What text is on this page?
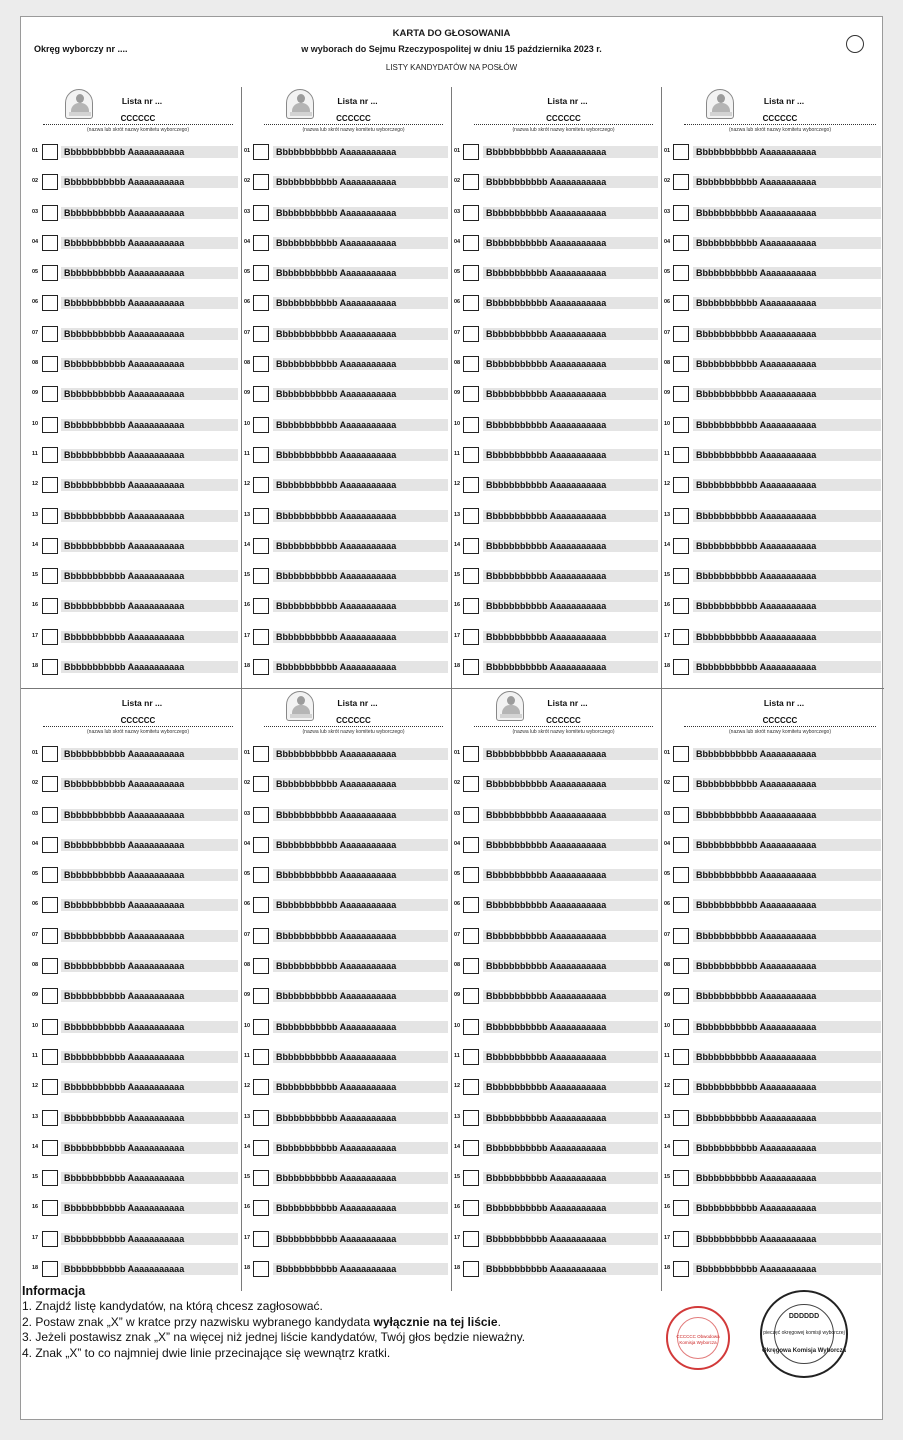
KARTA DO GŁOSOWANIA
w wyborach do Sejmu Rzeczypospolitej w dniu 15 października 2023 r.
LISTY KANDYDATÓW NA POSŁÓW
Okręg wyborczy nr ....
Lista nr ...
CCCCCC
(nazwa lub skrót nazwy komitetu wyborczego)
01	Bbbbbbbbbbb Aaaaaaaaaaa
02	Bbbbbbbbbbb Aaaaaaaaaaa
03	Bbbbbbbbbbb Aaaaaaaaaaa
04	Bbbbbbbbbbb Aaaaaaaaaaa
05	Bbbbbbbbbbb Aaaaaaaaaaa
06	Bbbbbbbbbbb Aaaaaaaaaaa
07	Bbbbbbbbbbb Aaaaaaaaaaa
08	Bbbbbbbbbbb Aaaaaaaaaaa
09	Bbbbbbbbbbb Aaaaaaaaaaa
10	Bbbbbbbbbbb Aaaaaaaaaaa
11	Bbbbbbbbbbb Aaaaaaaaaaa
12	Bbbbbbbbbbb Aaaaaaaaaaa
13	Bbbbbbbbbbb Aaaaaaaaaaa
14	Bbbbbbbbbbb Aaaaaaaaaaa
15	Bbbbbbbbbbb Aaaaaaaaaaa
16	Bbbbbbbbbbb Aaaaaaaaaaa
17	Bbbbbbbbbbb Aaaaaaaaaaa
18	Bbbbbbbbbbb Aaaaaaaaaaa
Lista nr ...
CCCCCC
(nazwa lub skrót nazwy komitetu wyborczego)
01	Bbbbbbbbbbb Aaaaaaaaaaa
02	Bbbbbbbbbbb Aaaaaaaaaaa
03	Bbbbbbbbbbb Aaaaaaaaaaa
04	Bbbbbbbbbbb Aaaaaaaaaaa
05	Bbbbbbbbbbb Aaaaaaaaaaa
06	Bbbbbbbbbbb Aaaaaaaaaaa
07	Bbbbbbbbbbb Aaaaaaaaaaa
08	Bbbbbbbbbbb Aaaaaaaaaaa
09	Bbbbbbbbbbb Aaaaaaaaaaa
10	Bbbbbbbbbbb Aaaaaaaaaaa
11	Bbbbbbbbbbb Aaaaaaaaaaa
12	Bbbbbbbbbbb Aaaaaaaaaaa
13	Bbbbbbbbbbb Aaaaaaaaaaa
14	Bbbbbbbbbbb Aaaaaaaaaaa
15	Bbbbbbbbbbb Aaaaaaaaaaa
16	Bbbbbbbbbbb Aaaaaaaaaaa
17	Bbbbbbbbbbb Aaaaaaaaaaa
18	Bbbbbbbbbbb Aaaaaaaaaaa
Lista nr ...
CCCCCC
(nazwa lub skrót nazwy komitetu wyborczego)
01	Bbbbbbbbbbb Aaaaaaaaaaa
02	Bbbbbbbbbbb Aaaaaaaaaaa
03	Bbbbbbbbbbb Aaaaaaaaaaa
04	Bbbbbbbbbbb Aaaaaaaaaaa
05	Bbbbbbbbbbb Aaaaaaaaaaa
06	Bbbbbbbbbbb Aaaaaaaaaaa
07	Bbbbbbbbbbb Aaaaaaaaaaa
08	Bbbbbbbbbbb Aaaaaaaaaaa
09	Bbbbbbbbbbb Aaaaaaaaaaa
10	Bbbbbbbbbbb Aaaaaaaaaaa
11	Bbbbbbbbbbb Aaaaaaaaaaa
12	Bbbbbbbbbbb Aaaaaaaaaaa
13	Bbbbbbbbbbb Aaaaaaaaaaa
14	Bbbbbbbbbbb Aaaaaaaaaaa
15	Bbbbbbbbbbb Aaaaaaaaaaa
16	Bbbbbbbbbbb Aaaaaaaaaaa
17	Bbbbbbbbbbb Aaaaaaaaaaa
18	Bbbbbbbbbbb Aaaaaaaaaaa
Lista nr ...
CCCCCC
(nazwa lub skrót nazwy komitetu wyborczego)
01	Bbbbbbbbbbb Aaaaaaaaaaa
02	Bbbbbbbbbbb Aaaaaaaaaaa
03	Bbbbbbbbbbb Aaaaaaaaaaa
04	Bbbbbbbbbbb Aaaaaaaaaaa
05	Bbbbbbbbbbb Aaaaaaaaaaa
06	Bbbbbbbbbbb Aaaaaaaaaaa
07	Bbbbbbbbbbb Aaaaaaaaaaa
08	Bbbbbbbbbbb Aaaaaaaaaaa
09	Bbbbbbbbbbb Aaaaaaaaaaa
10	Bbbbbbbbbbb Aaaaaaaaaaa
11	Bbbbbbbbbbb Aaaaaaaaaaa
12	Bbbbbbbbbbb Aaaaaaaaaaa
13	Bbbbbbbbbbb Aaaaaaaaaaa
14	Bbbbbbbbbbb Aaaaaaaaaaa
15	Bbbbbbbbbbb Aaaaaaaaaaa
16	Bbbbbbbbbbb Aaaaaaaaaaa
17	Bbbbbbbbbbb Aaaaaaaaaaa
18	Bbbbbbbbbbb Aaaaaaaaaaa
Lista nr ...
CCCCCC
(nazwa lub skrót nazwy komitetu wyborczego)
01	Bbbbbbbbbbb Aaaaaaaaaaa
02	Bbbbbbbbbbb Aaaaaaaaaaa
03	Bbbbbbbbbbb Aaaaaaaaaaa
04	Bbbbbbbbbbb Aaaaaaaaaaa
05	Bbbbbbbbbbb Aaaaaaaaaaa
06	Bbbbbbbbbbb Aaaaaaaaaaa
07	Bbbbbbbbbbb Aaaaaaaaaaa
08	Bbbbbbbbbbb Aaaaaaaaaaa
09	Bbbbbbbbbbb Aaaaaaaaaaa
10	Bbbbbbbbbbb Aaaaaaaaaaa
11	Bbbbbbbbbbb Aaaaaaaaaaa
12	Bbbbbbbbbbb Aaaaaaaaaaa
13	Bbbbbbbbbbb Aaaaaaaaaaa
14	Bbbbbbbbbbb Aaaaaaaaaaa
15	Bbbbbbbbbbb Aaaaaaaaaaa
16	Bbbbbbbbbbb Aaaaaaaaaaa
17	Bbbbbbbbbbb Aaaaaaaaaaa
18	Bbbbbbbbbbb Aaaaaaaaaaa
Lista nr ...
CCCCCC
(nazwa lub skrót nazwy komitetu wyborczego)
01	Bbbbbbbbbbb Aaaaaaaaaaa
02	Bbbbbbbbbbb Aaaaaaaaaaa
03	Bbbbbbbbbbb Aaaaaaaaaaa
04	Bbbbbbbbbbb Aaaaaaaaaaa
05	Bbbbbbbbbbb Aaaaaaaaaaa
06	Bbbbbbbbbbb Aaaaaaaaaaa
07	Bbbbbbbbbbb Aaaaaaaaaaa
08	Bbbbbbbbbbb Aaaaaaaaaaa
09	Bbbbbbbbbbb Aaaaaaaaaaa
10	Bbbbbbbbbbb Aaaaaaaaaaa
11	Bbbbbbbbbbb Aaaaaaaaaaa
12	Bbbbbbbbbbb Aaaaaaaaaaa
13	Bbbbbbbbbbb Aaaaaaaaaaa
14	Bbbbbbbbbbb Aaaaaaaaaaa
15	Bbbbbbbbbbb Aaaaaaaaaaa
16	Bbbbbbbbbbb Aaaaaaaaaaa
17	Bbbbbbbbbbb Aaaaaaaaaaa
18	Bbbbbbbbbbb Aaaaaaaaaaa
Lista nr ...
CCCCCC
(nazwa lub skrót nazwy komitetu wyborczego)
01	Bbbbbbbbbbb Aaaaaaaaaaa
02	Bbbbbbbbbbb Aaaaaaaaaaa
03	Bbbbbbbbbbb Aaaaaaaaaaa
04	Bbbbbbbbbbb Aaaaaaaaaaa
05	Bbbbbbbbbbb Aaaaaaaaaaa
06	Bbbbbbbbbbb Aaaaaaaaaaa
07	Bbbbbbbbbbb Aaaaaaaaaaa
08	Bbbbbbbbbbb Aaaaaaaaaaa
09	Bbbbbbbbbbb Aaaaaaaaaaa
10	Bbbbbbbbbbb Aaaaaaaaaaa
11	Bbbbbbbbbbb Aaaaaaaaaaa
12	Bbbbbbbbbbb Aaaaaaaaaaa
13	Bbbbbbbbbbb Aaaaaaaaaaa
14	Bbbbbbbbbbb Aaaaaaaaaaa
15	Bbbbbbbbbbb Aaaaaaaaaaa
16	Bbbbbbbbbbb Aaaaaaaaaaa
17	Bbbbbbbbbbb Aaaaaaaaaaa
18	Bbbbbbbbbbb Aaaaaaaaaaa
Lista nr ...
CCCCCC
(nazwa lub skrót nazwy komitetu wyborczego)
01	Bbbbbbbbbbb Aaaaaaaaaaa
02	Bbbbbbbbbbb Aaaaaaaaaaa
03	Bbbbbbbbbbb Aaaaaaaaaaa
04	Bbbbbbbbbbb Aaaaaaaaaaa
05	Bbbbbbbbbbb Aaaaaaaaaaa
06	Bbbbbbbbbbb Aaaaaaaaaaa
07	Bbbbbbbbbbb Aaaaaaaaaaa
08	Bbbbbbbbbbb Aaaaaaaaaaa
09	Bbbbbbbbbbb Aaaaaaaaaaa
10	Bbbbbbbbbbb Aaaaaaaaaaa
11	Bbbbbbbbbbb Aaaaaaaaaaa
12	Bbbbbbbbbbb Aaaaaaaaaaa
13	Bbbbbbbbbbb Aaaaaaaaaaa
14	Bbbbbbbbbbb Aaaaaaaaaaa
15	Bbbbbbbbbbb Aaaaaaaaaaa
16	Bbbbbbbbbbb Aaaaaaaaaaa
17	Bbbbbbbbbbb Aaaaaaaaaaa
18	Bbbbbbbbbbb Aaaaaaaaaaa
Informacja
1. Znajdź listę kandydatów, na którą chcesz zagłosować.
2. Postaw znak „X” w kratce przy nazwisku wybranego kandydata wyłącznie na tej liście.
3. Jeżeli postawisz znak „X” na więcej niż jednej liście kandydatów, Twój głos będzie nieważny.
4. Znak „X” to co najmniej dwie linie przecinające się wewnątrz kratki.
CCCCCC Obwodowa Komisja Wyborcza
DDDDDD
pieczęć okręgowej komisji wyborczej
Okręgowa Komisja Wyborcza
